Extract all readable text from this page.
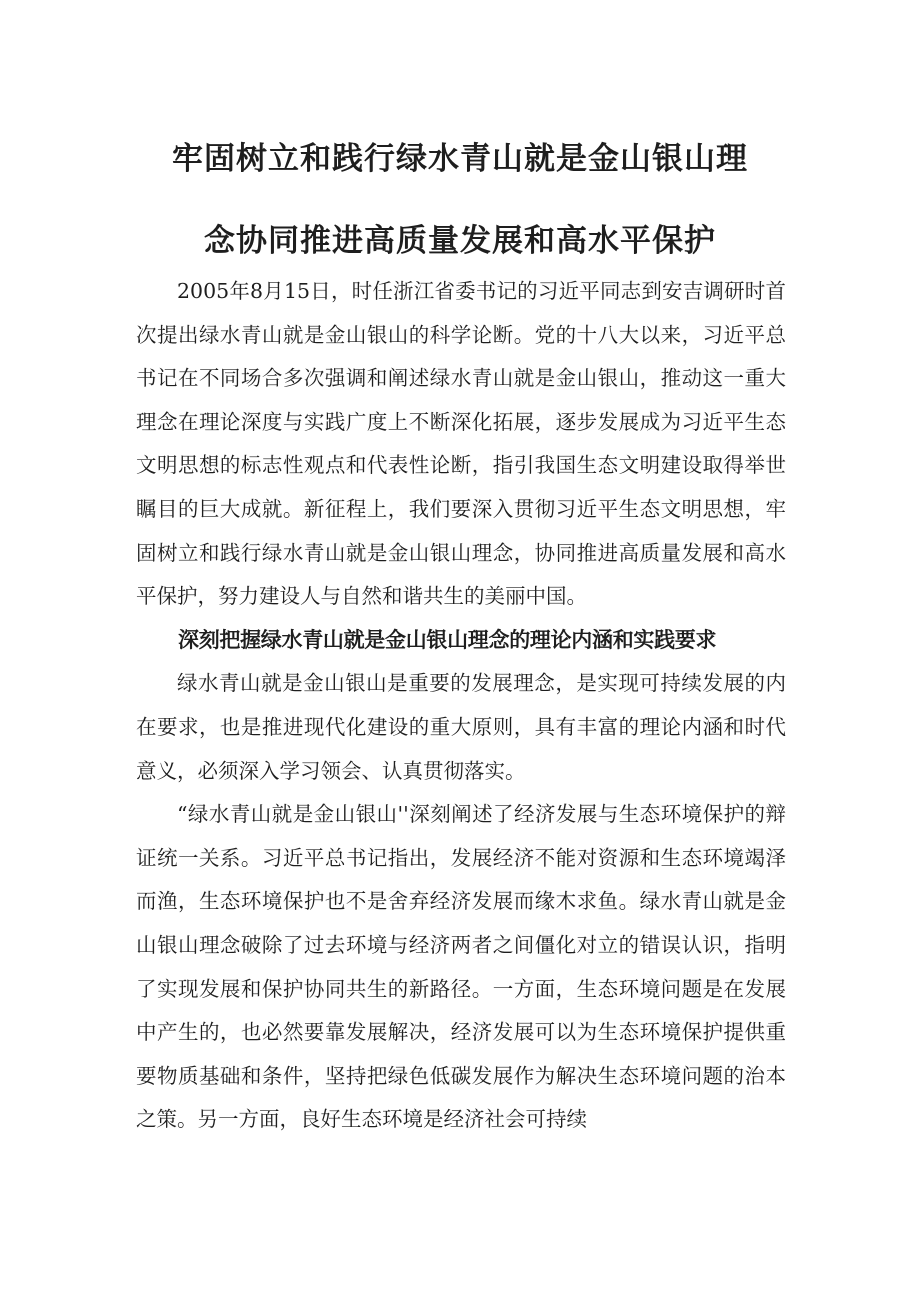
牢固树立和践行绿水青山就是金山银山理
念协同推进高质量发展和高水平保护

2005年8月15日，时任浙江省委书记的习近平同志到安吉调研时首次提出绿水青山就是金山银山的科学论断。党的十八大以来，习近平总书记在不同场合多次强调和阐述绿水青山就是金山银山，推动这一重大理念在理论深度与实践广度上不断深化拓展，逐步发展成为习近平生态文明思想的标志性观点和代表性论断，指引我国生态文明建设取得举世瞩目的巨大成就。新征程上，我们要深入贯彻习近平生态文明思想，牢固树立和践行绿水青山就是金山银山理念，协同推进高质量发展和高水平保护，努力建设人与自然和谐共生的美丽中国。

深刻把握绿水青山就是金山银山理念的理论内涵和实践要求

绿水青山就是金山银山是重要的发展理念，是实现可持续发展的内在要求，也是推进现代化建设的重大原则，具有丰富的理论内涵和时代意义，必须深入学习领会、认真贯彻落实。

“绿水青山就是金山银山''深刻阐述了经济发展与生态环境保护的辩证统一关系。习近平总书记指出，发展经济不能对资源和生态环境竭泽而渔，生态环境保护也不是舍弃经济发展而缘木求鱼。绿水青山就是金山银山理念破除了过去环境与经济两者之间僵化对立的错误认识，指明了实现发展和保护协同共生的新路径。一方面，生态环境问题是在发展中产生的，也必然要靠发展解决，经济发展可以为生态环境保护提供重要物质基础和条件，坚持把绿色低碳发展作为解决生态环境问题的治本之策。另一方面，良好生态环境是经济社会可持续
